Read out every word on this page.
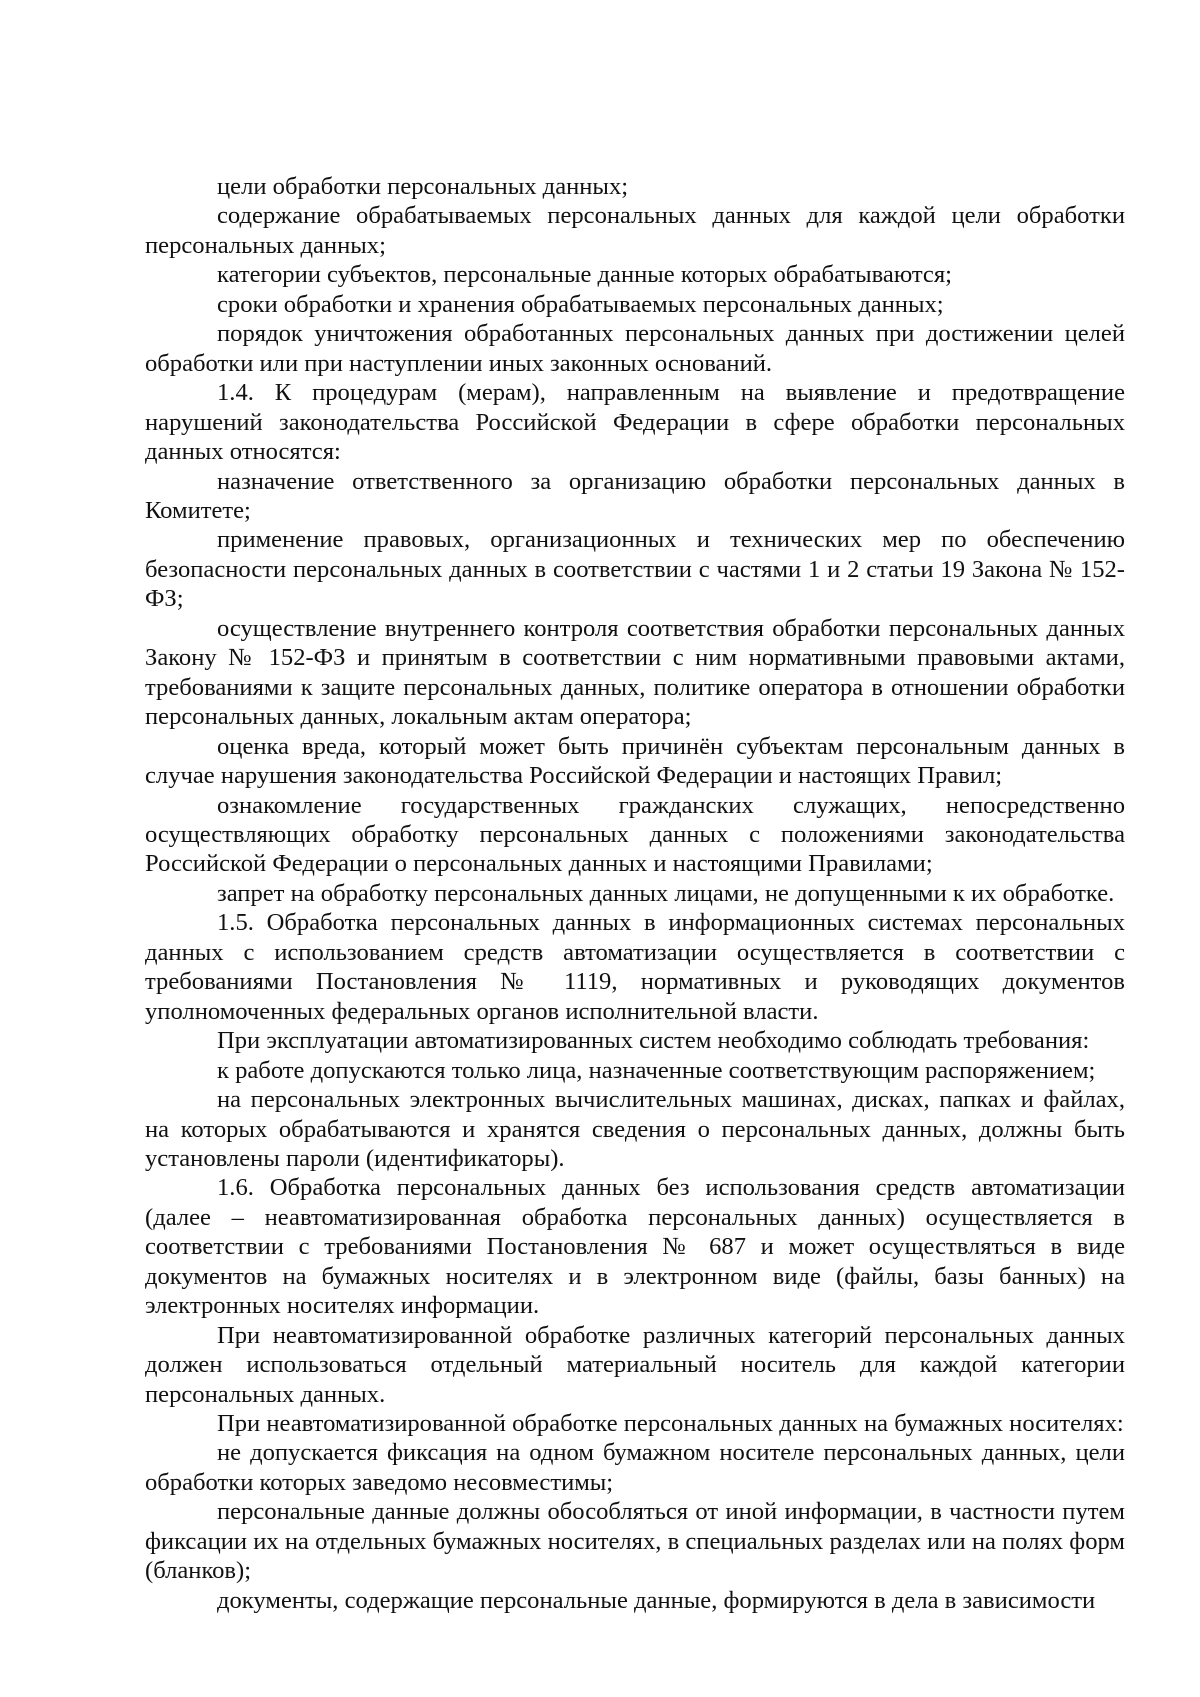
цели обработки персональных данных;

содержание обрабатываемых персональных данных для каждой цели обработки персональных данных;

категории субъектов, персональные данные которых обрабатываются;

сроки обработки и хранения обрабатываемых персональных данных;

порядок уничтожения обработанных персональных данных при достижении целей обработки или при наступлении иных законных оснований.

1.4. К процедурам (мерам), направленным на выявление и предотвращение нарушений законодательства Российской Федерации в сфере обработки персональных данных относятся:

назначение ответственного за организацию обработки персональных данных в Комитете;

применение правовых, организационных и технических мер по обеспечению безопасности персональных данных в соответствии с частями 1 и 2 статьи 19 Закона № 152-ФЗ;

осуществление внутреннего контроля соответствия обработки персональных данных Закону № 152-ФЗ и принятым в соответствии с ним нормативными правовыми актами, требованиями к защите персональных данных, политике оператора в отношении обработки персональных данных, локальным актам оператора;

оценка вреда, который может быть причинён субъектам персональным данных в случае нарушения законодательства Российской Федерации и настоящих Правил;

ознакомление государственных гражданских служащих, непосредственно осуществляющих обработку персональных данных с положениями законодательства Российской Федерации о персональных данных и настоящими Правилами;

запрет на обработку персональных данных лицами, не допущенными к их обработке.

1.5. Обработка персональных данных в информационных системах персональных данных с использованием средств автоматизации осуществляется в соответствии с требованиями Постановления № 1119, нормативных и руководящих документов уполномоченных федеральных органов исполнительной власти.

При эксплуатации автоматизированных систем необходимо соблюдать требования:

к работе допускаются только лица, назначенные соответствующим распоряжением;

на персональных электронных вычислительных машинах, дисках, папках и файлах, на которых обрабатываются и хранятся сведения о персональных данных, должны быть установлены пароли (идентификаторы).

1.6. Обработка персональных данных без использования средств автоматизации (далее – неавтоматизированная обработка персональных данных) осуществляется в соответствии с требованиями Постановления № 687 и может осуществляться в виде документов на бумажных носителях и в электронном виде (файлы, базы банных) на электронных носителях информации.

При неавтоматизированной обработке различных категорий персональных данных должен использоваться отдельный материальный носитель для каждой категории персональных данных.

При неавтоматизированной обработке персональных данных на бумажных носителях:

не допускается фиксация на одном бумажном носителе персональных данных, цели обработки которых заведомо несовместимы;

персональные данные должны обособляться от иной информации, в частности путем фиксации их на отдельных бумажных носителях, в специальных разделах или на полях форм (бланков);

документы, содержащие персональные данные, формируются в дела в зависимости
